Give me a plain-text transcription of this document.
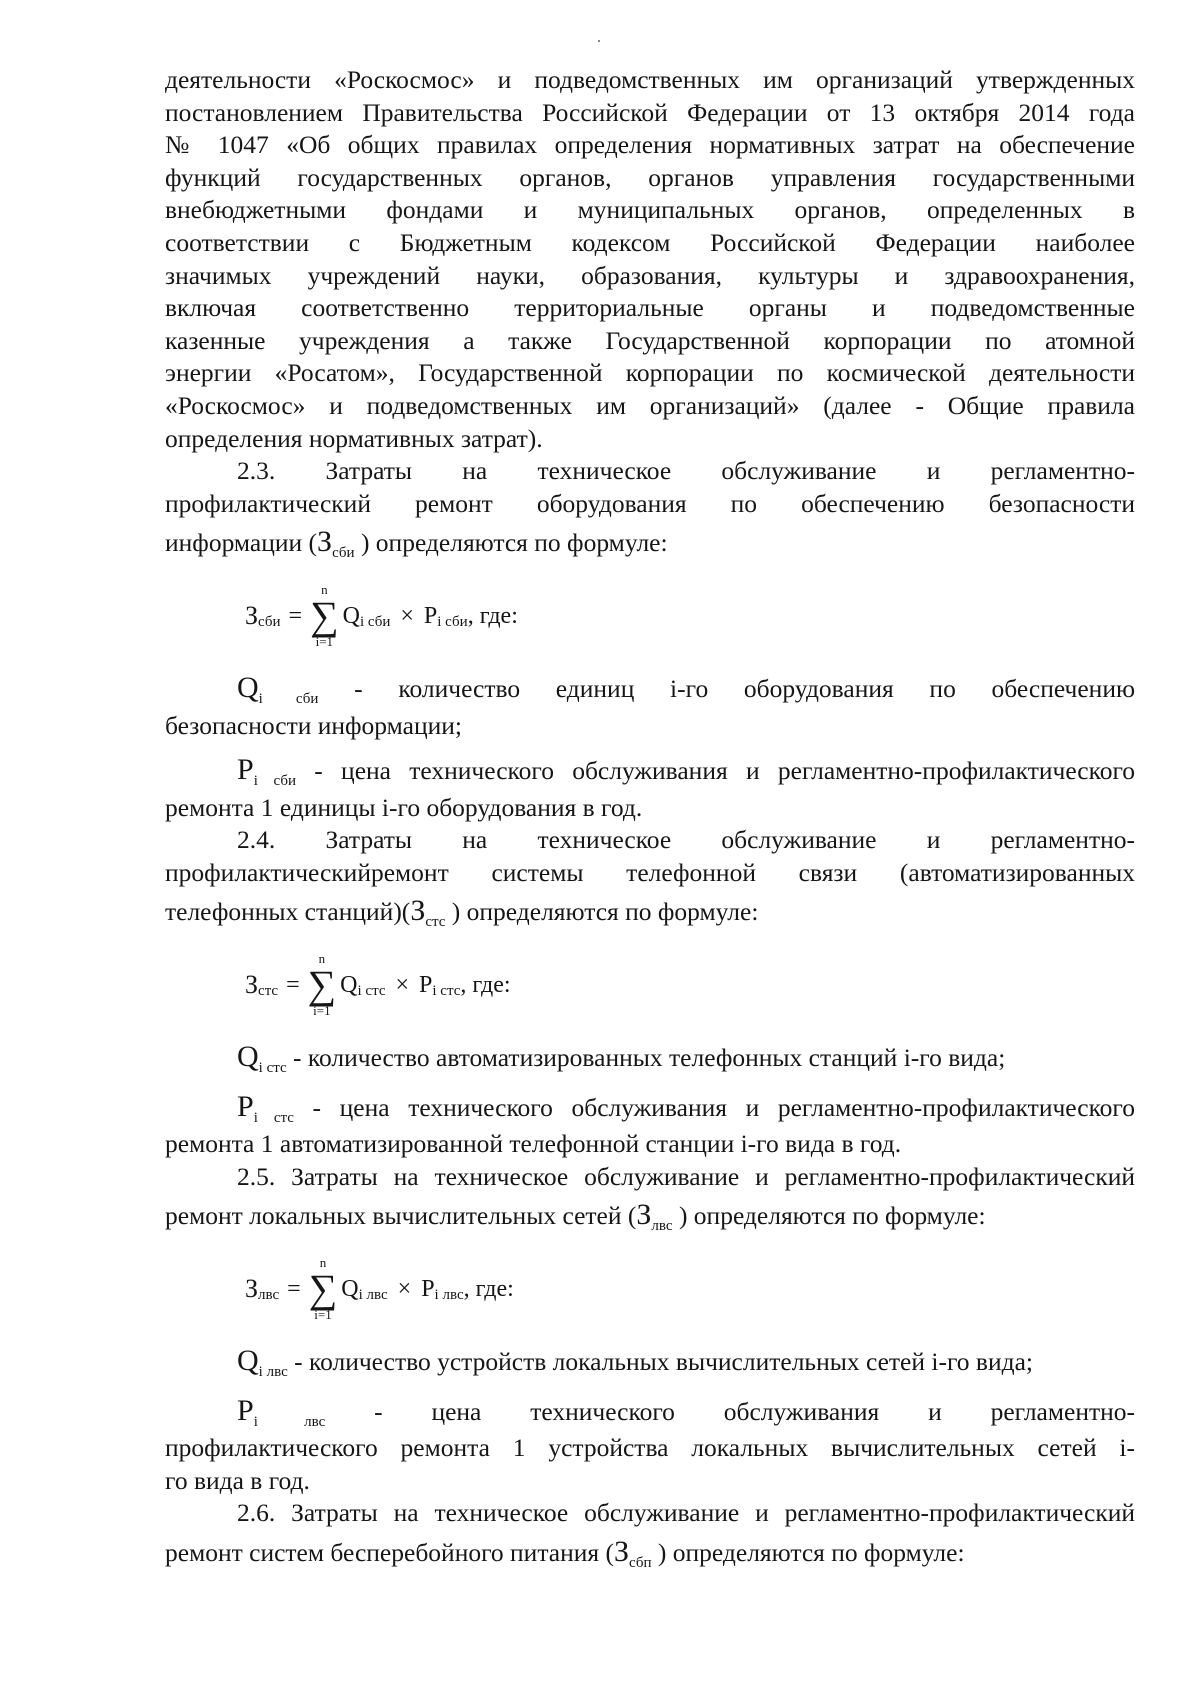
деятельности «Роскосмос» и подведомственных им организаций утвержденных
постановлением Правительства Российской Федерации от 13 октября 2014 года
№ 1047 «Об общих правилах определения нормативных затрат на обеспечение
функций государственных органов, органов управления государственными
внебюджетными фондами и муниципальных органов, определенных в
соответствии с Бюджетным кодексом Российской Федерации наиболее
значимых учреждений науки, образования, культуры и здравоохранения,
включая соответственно территориальные органы и подведомственные
казенные учреждения а также Государственной корпорации по атомной
энергии «Росатом», Государственной корпорации по космической деятельности
«Роскосмос» и подведомственных им организаций» (далее - Общие правила
определения нормативных затрат).
2.3. Затраты на техническое обслуживание и регламентно-
профилактический ремонт оборудования по обеспечению безопасности
информации ($З_{сби}$ ) определяются по формуле:
З сби =
n
∑
i=1
Q i сби × P i сби , где:
$Q_{i сби}$ - количество единиц i-го оборудования по обеспечению
безопасности информации;
$P_{i сби}$ - цена технического обслуживания и регламентно-профилактического
ремонта 1 единицы i-го оборудования в год.
2.4. Затраты на техническое обслуживание и регламентно-
профилактическийремонт системы телефонной связи (автоматизированных
телефонных $станций)(З_{стс}$ ) определяются по формуле:
З стс =
n
∑
i=1
Q i стс × P i стс , где:
$Q_{i стс}$ - количество автоматизированных телефонных станций i-го вида;
$P_{i стс}$ - цена технического обслуживания и регламентно-профилактического
ремонта 1 автоматизированной телефонной станции i-го вида в год.
2.5. Затраты на техническое обслуживание и регламентно-профилактический
ремонт локальных вычислительных сетей ($З_{лвс}$ ) определяются по формуле:
З лвс =
n
∑
i=1
Q i лвс × P i лвс , где:
$Q_{i лвс}$ - количество устройств локальных вычислительных сетей i-го вида;
$P_{i лвс}$ - цена технического обслуживания и регламентно-
профилактического ремонта 1 устройства локальных вычислительных сетей i-
го вида в год.
2.6. Затраты на техническое обслуживание и регламентно-профилактический
ремонт систем бесперебойного питания ($З_{сбп}$ ) определяются по формуле:
